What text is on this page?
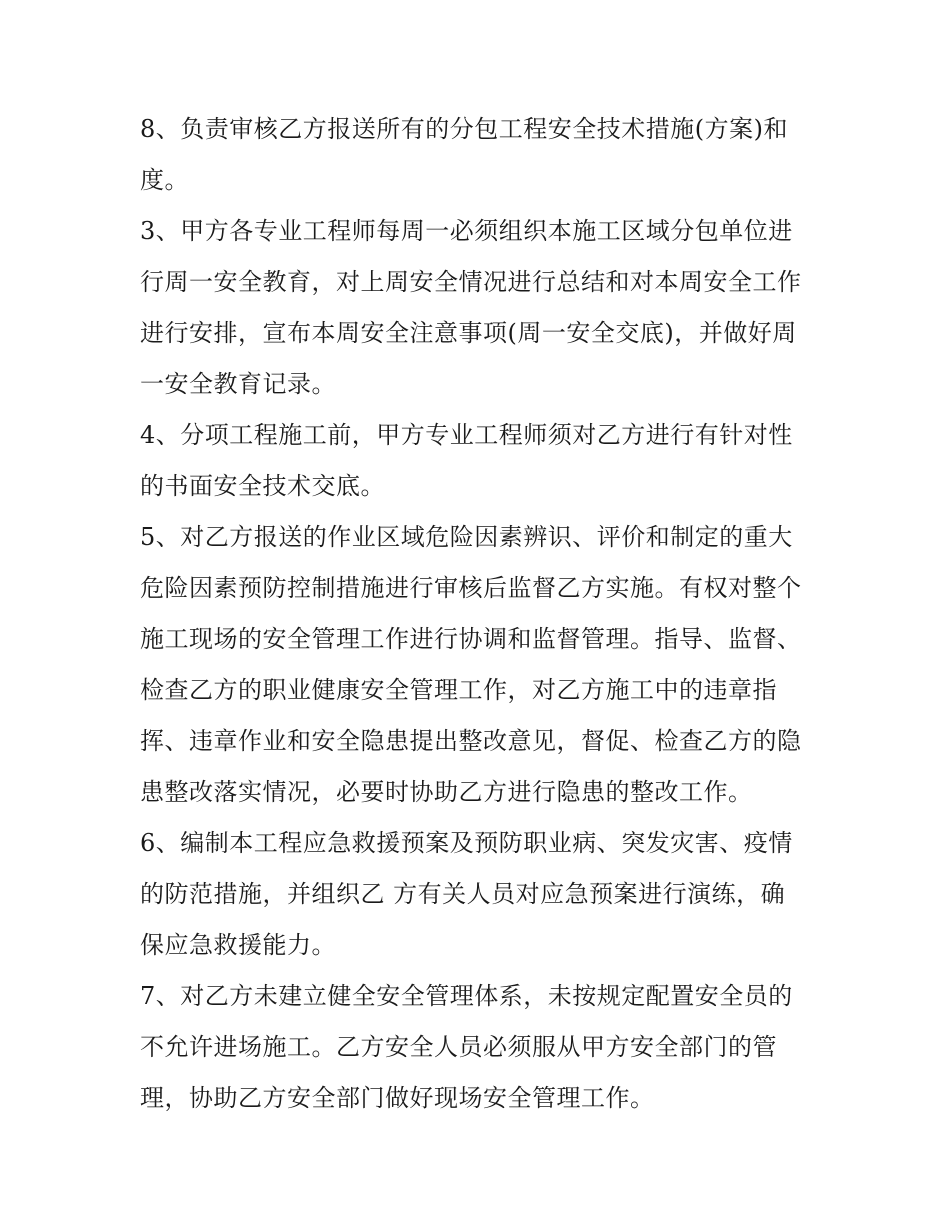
8、负责审核乙方报送所有的分包工程安全技术措施(方案)和
度。
3、甲方各专业工程师每周一必须组织本施工区域分包单位进
行周一安全教育，对上周安全情况进行总结和对本周安全工作
进行安排，宣布本周安全注意事项(周一安全交底)，并做好周
一安全教育记录。
4、分项工程施工前，甲方专业工程师须对乙方进行有针对性
的书面安全技术交底。
5、对乙方报送的作业区域危险因素辨识、评价和制定的重大
危险因素预防控制措施进行审核后监督乙方实施。有权对整个
施工现场的安全管理工作进行协调和监督管理。指导、监督、
检查乙方的职业健康安全管理工作，对乙方施工中的违章指
挥、违章作业和安全隐患提出整改意见，督促、检查乙方的隐
患整改落实情况，必要时协助乙方进行隐患的整改工作。
6、编制本工程应急救援预案及预防职业病、突发灾害、疫情
的防范措施，并组织乙 方有关人员对应急预案进行演练，确
保应急救援能力。
7、对乙方未建立健全安全管理体系，未按规定配置安全员的
不允许进场施工。乙方安全人员必须服从甲方安全部门的管
理，协助乙方安全部门做好现场安全管理工作。
